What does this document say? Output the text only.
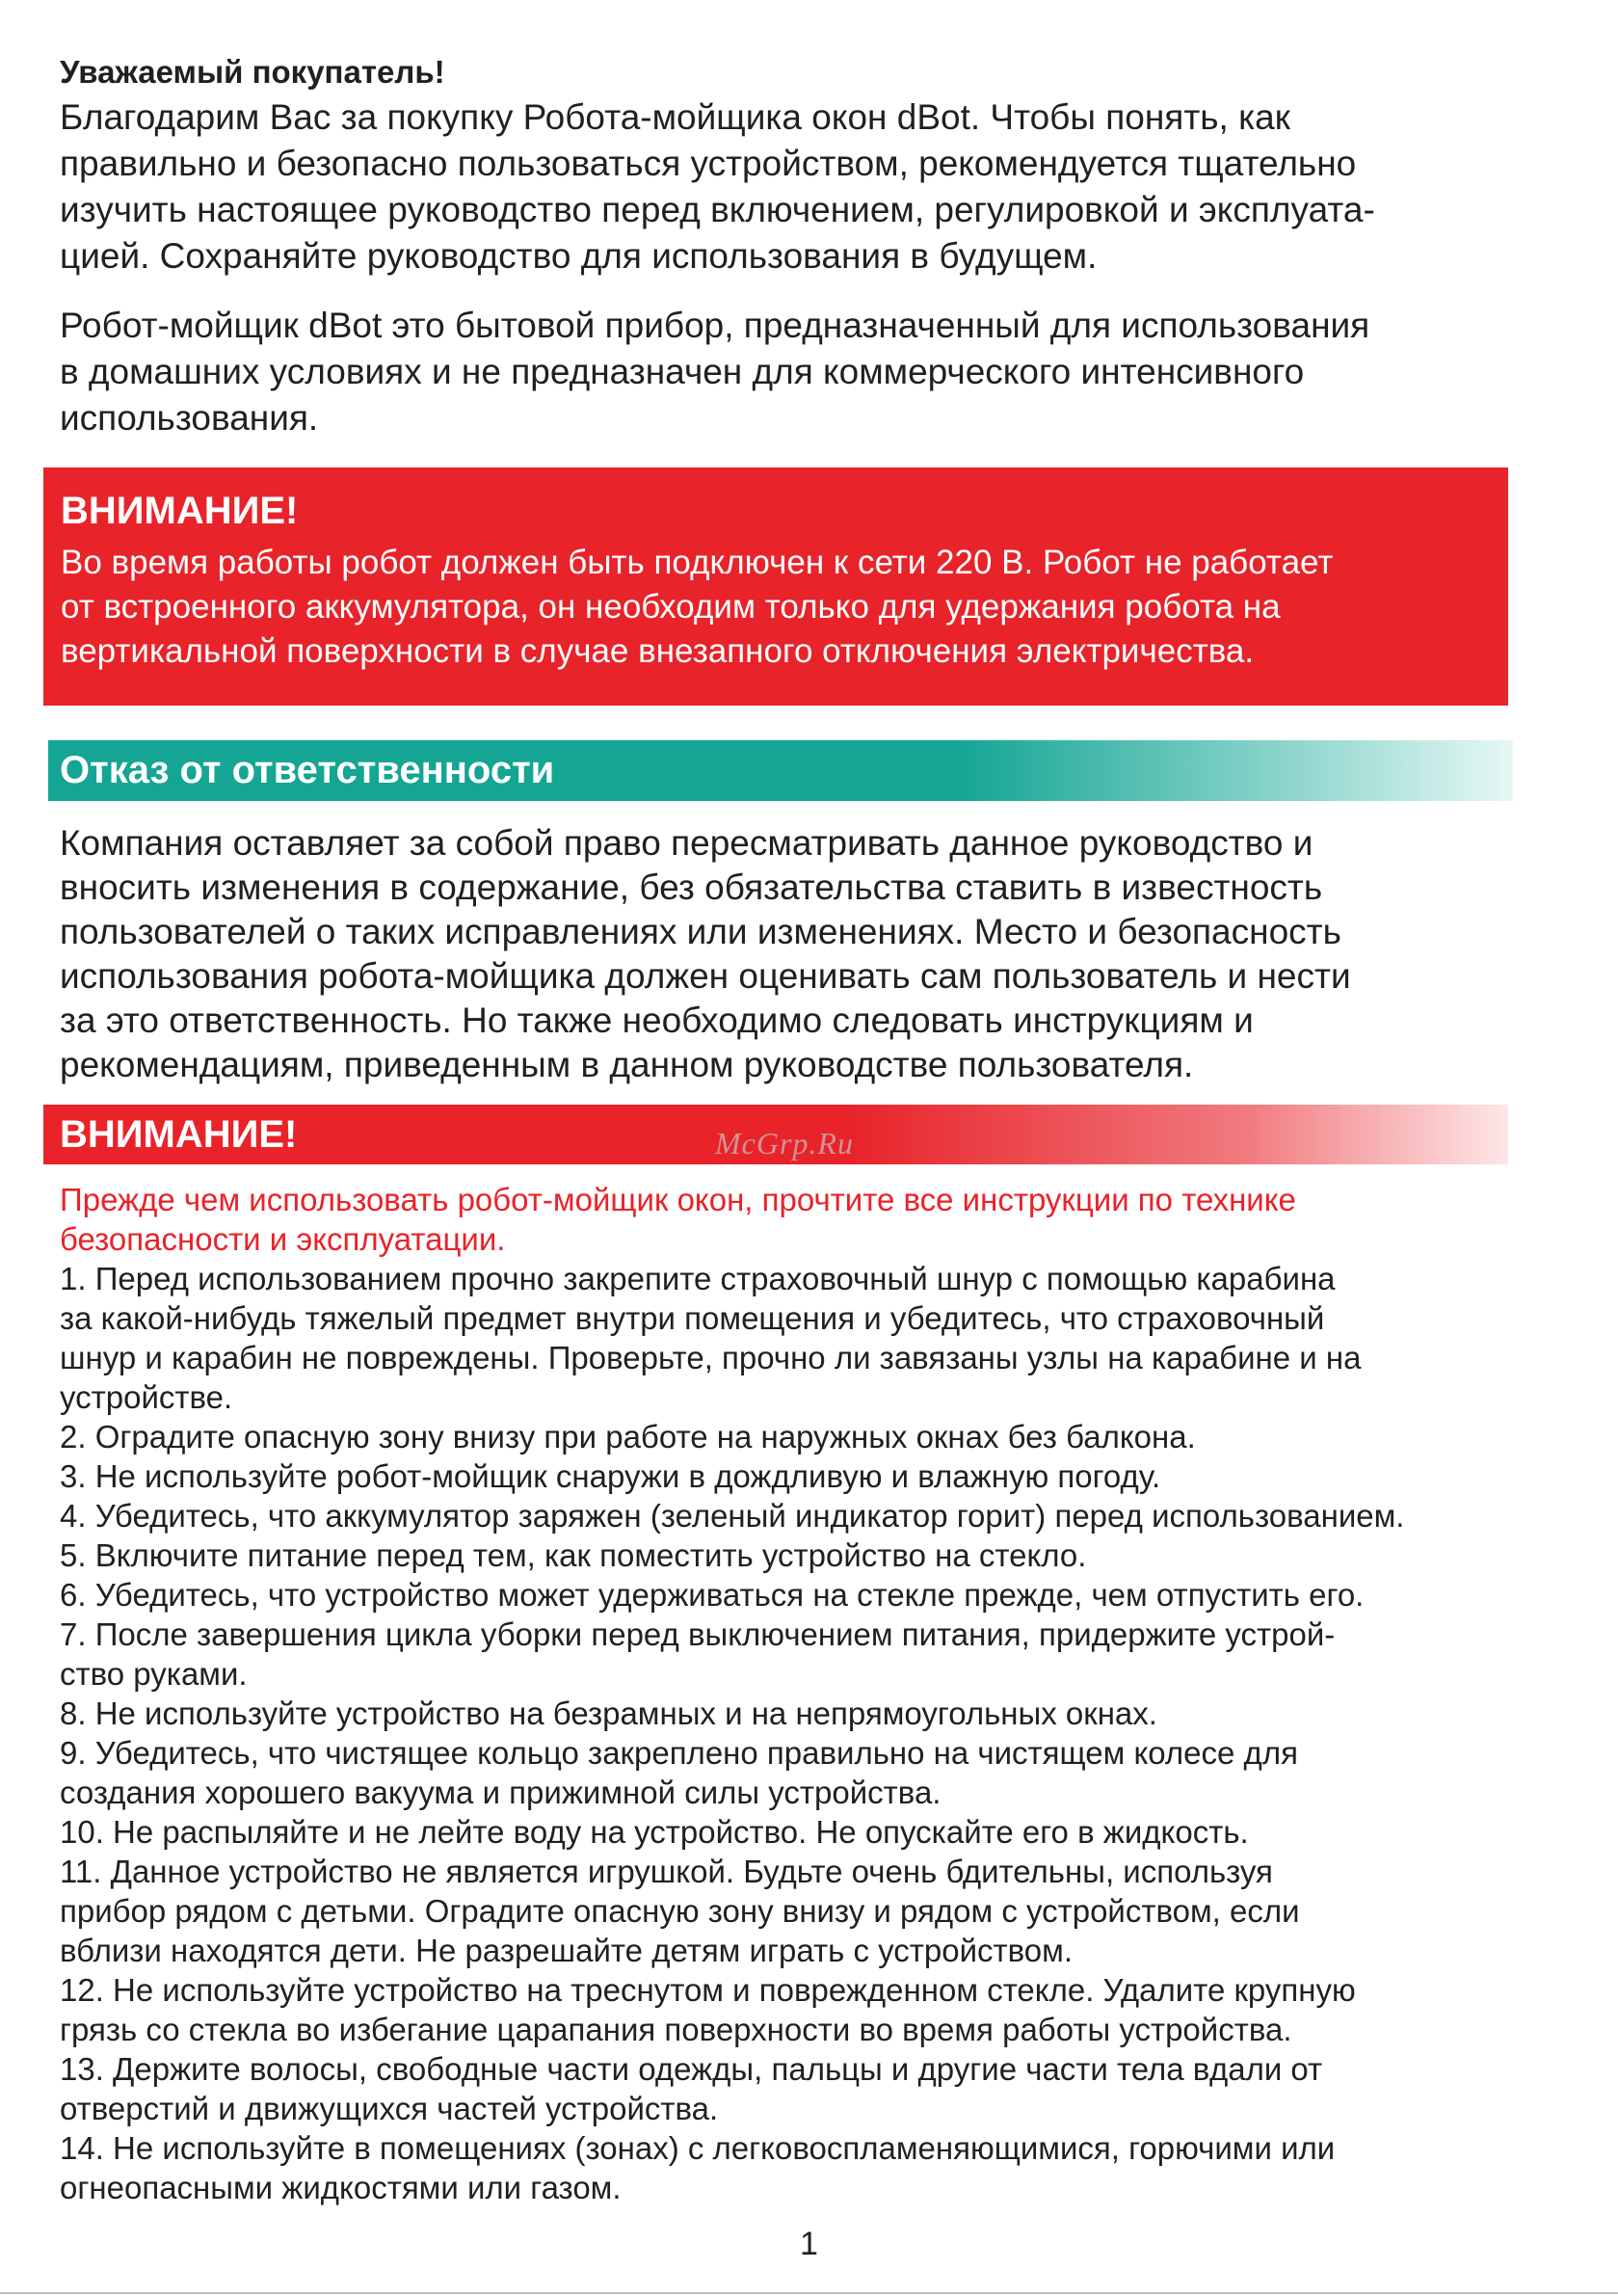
Уважаемый покупатель!

Благодарим Вас за покупку Робота-мойщика окон dBot. Чтобы понять, как

правильно и безопасно пользоваться устройством, рекомендуется тщательно

изучить настоящее руководство перед включением, регулировкой и эксплуата-

цией. Сохраняйте руководство для использования в будущем.

Робот-мойщик dBot это бытовой прибор, предназначенный для использования

в домашних условиях и не предназначен для коммерческого интенсивного

использования.

ВНИМАНИЕ!

Во время работы робот должен быть подключен к сети 220 В. Робот не работает

от встроенного аккумулятора, он необходим только для удержания робота на

вертикальной поверхности в случае внезапного отключения электричества.

Отказ от ответственности

Компания оставляет за собой право пересматривать данное руководство и

вносить изменения в содержание, без обязательства ставить в известность

пользователей о таких исправлениях или изменениях. Место и безопасность

использования робота-мойщика должен оценивать сам пользователь и нести

за это ответственность. Но также необходимо следовать инструкциям и

рекомендациям, приведенным в данном руководстве пользователя.

ВНИМАНИЕ!	McGrp.Ru

Прежде чем использовать робот-мойщик окон, прочтите все инструкции по технике

безопасности и эксплуатации.

1. Перед использованием прочно закрепите страховочный шнур с помощью карабина
за какой-нибудь тяжелый предмет внутри помещения и убедитесь, что страховочный
шнур и карабин не повреждены. Проверьте, прочно ли завязаны узлы на карабине и на
устройстве.
2. Оградите опасную зону внизу при работе на наружных окнах без балкона.
3. Не используйте робот-мойщик снаружи в дождливую и влажную погоду.
4. Убедитесь, что аккумулятор заряжен (зеленый индикатор горит) перед использованием.
5. Включите питание перед тем, как поместить устройство на стекло.
6. Убедитесь, что устройство может удерживаться на стекле прежде, чем отпустить его.
7. После завершения цикла уборки перед выключением питания, придержите устрой-
ство руками.
8. Не используйте устройство на безрамных и на непрямоугольных окнах.
9. Убедитесь, что чистящее кольцо закреплено правильно на чистящем колесе для
создания хорошего вакуума и прижимной силы устройства.
10. Не распыляйте и не лейте воду на устройство. Не опускайте его в жидкость.
11. Данное устройство не является игрушкой. Будьте очень бдительны, используя
прибор рядом с детьми. Оградите опасную зону внизу и рядом с устройством, если
вблизи находятся дети. Не разрешайте детям играть с устройством.
12. Не используйте устройство на треснутом и поврежденном стекле. Удалите крупную
грязь со стекла во избегание царапания поверхности во время работы устройства.
13. Держите волосы, свободные части одежды, пальцы и другие части тела вдали от
отверстий и движущихся частей устройства.
14. Не используйте в помещениях (зонах) с легковоспламеняющимися, горючими или
огнеопасными жидкостями или газом.
1
